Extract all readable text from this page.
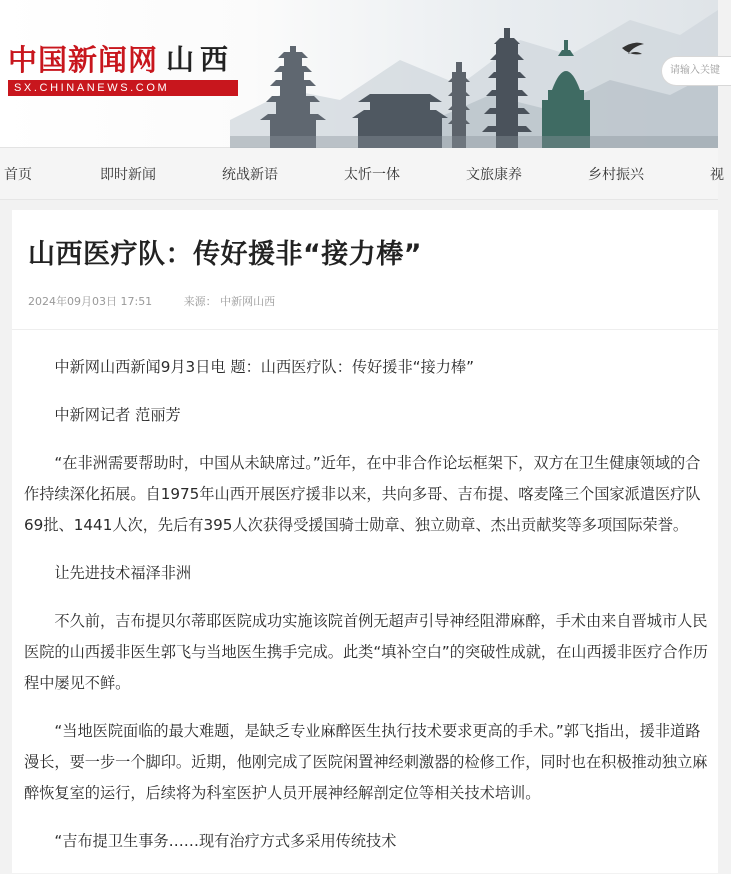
中国新闻网 山西
SX.CHINANEWS.COM
请输入关键
首页	即时新闻	统战新语	太忻一体	文旅康养	乡村振兴	视
山西医疗队：传好援非“接力棒”
2024年09月03日 17:51	来源： 中新网山西

中新网山西新闻9月3日电 题：山西医疗队：传好援非“接力棒”

中新网记者 范丽芳

“在非洲需要帮助时，中国从未缺席过。”近年，在中非合作论坛框架下，双方在卫生健康领域的合作持续深化拓展。自1975年山西开展医疗援非以来，共向多哥、吉布提、喀麦隆三个国家派遣医疗队69批、1441人次，先后有395人次获得受援国骑士勋章、独立勋章、杰出贡献奖等多项国际荣誉。

让先进技术福泽非洲

不久前，吉布提贝尔蒂耶医院成功实施该院首例无超声引导神经阻滞麻醉，手术由来自晋城市人民医院的山西援非医生郭飞与当地医生携手完成。此类“填补空白”的突破性成就，在山西援非医疗合作历程中屡见不鲜。

“当地医院面临的最大难题，是缺乏专业麻醉医生执行技术要求更高的手术。”郭飞指出，援非道路漫长，要一步一个脚印。近期，他刚完成了医院闲置神经刺激器的检修工作，同时也在积极推动独立麻醉恢复室的运行，后续将为科室医护人员开展神经解剖定位等相关技术培训。

“吉布提卫生事务……现有治疗方式多采用传统技术
